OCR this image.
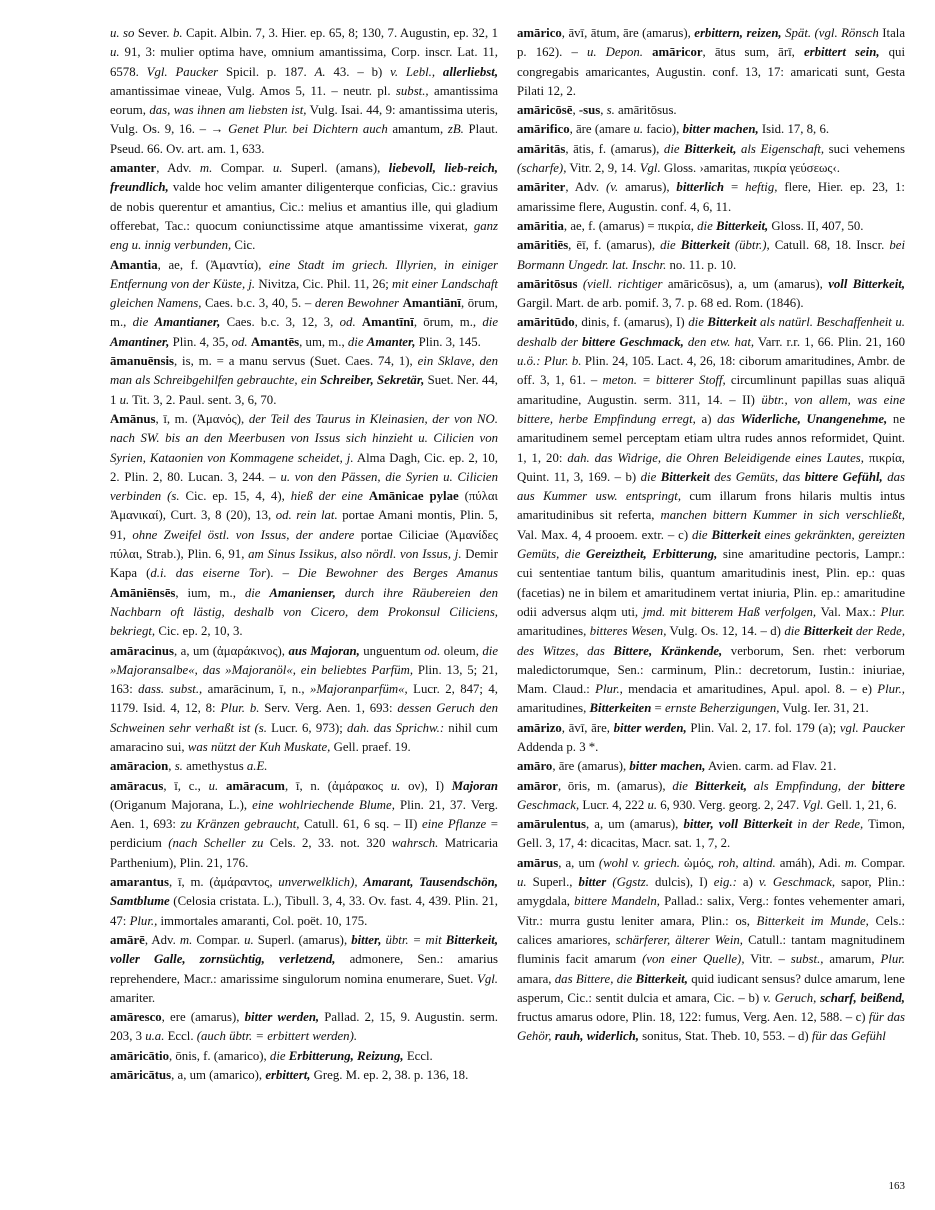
u. so Sever. b. Capit. Albin. 7, 3. Hier. ep. 65, 8; 130, 7. Augustin, ep. 32, 1 u. 91, 3: mulier optima have, omnium amantissima, Corp. inscr. Lat. 11, 6578. Vgl. Paucker Spicil. p. 187. A. 43. – b) v. Lebl., allerliebst, amantissimae vineae, Vulg. Amos 5, 11. – neutr. pl. subst., amantissima eorum, das, was ihnen am liebsten ist, Vulg. Isai. 44, 9: amantissima uteris, Vulg. Os. 9, 16. – → Genet Plur. bei Dichtern auch amantum, zB. Plaut. Pseud. 66. Ov. art. am. 1, 633.

amanter, Adv. m. Compar. u. Superl. (amans), liebevoll, lieb-reich, freundlich, valde hoc velim amanter diligenterque conficias, Cic.: gravius de nobis querentur et amantius, Cic.: melius et amantius ille, qui gladium offerebat, Tac.: quocum coniunctissime atque amantissime vixerat, ganz eng u. innig verbunden, Cic.

Amantia, ae, f. (Ἀμαντία), eine Stadt im griech. Illyrien, in einiger Entfernung von der Küste, j. Nivitza, Cic. Phil. 11, 26; mit einer Landschaft gleichen Namens, Caes. b.c. 3, 40, 5. – deren Bewohner Amantiānī, ōrum, m., die Amantianer, Caes. b.c. 3, 12, 3, od. Amantīnī, ōrum, m., die Amantiner, Plin. 4, 35, od. Amantēs, um, m., die Amanter, Plin. 3, 145.

āmanuēnsis, is, m. = a manu servus (Suet. Caes. 74, 1), ein Sklave, den man als Schreibgehilfen gebrauchte, ein Schreiber, Sekretär, Suet. Ner. 44, 1 u. Tit. 3, 2. Paul. sent. 3, 6, 70.

Amānus, ī, m. (Ἀμανός), der Teil des Taurus in Kleinasien, der von NO. nach SW. bis an den Meerbusen von Issus sich hinzieht u. Cilicien von Syrien, Kataonien von Kommagene scheidet, j. Alma Dagh, Cic. ep. 2, 10, 2. Plin. 2, 80. Lucan. 3, 244. – u. von den Pässen, die Syrien u. Cilicien verbinden (s. Cic. ep. 15, 4, 4), hieß der eine Amānicae pylae (πύλαι Ἀμανικαί), Curt. 3, 8 (20), 13, od. rein lat. portae Amani montis, Plin. 5, 91, ohne Zweifel östl. von Issus, der andere portae Ciliciae (Ἀμανίδες πύλαι, Strab.), Plin. 6, 91, am Sinus Issikus, also nördl. von Issus, j. Demir Kapa (d.i. das eiserne Tor). – Die Bewohner des Berges Amanus Amāniēnsēs, ium, m., die Amanienser, durch ihre Räubereien den Nachbarn oft lästig, deshalb von Cicero, dem Prokonsul Ciliciens, bekriegt, Cic. ep. 2, 10, 3.

amāracinus, a, um (ἀμαράκινος), aus Majoran, unguentum od. oleum, die »Majoransalbe«, das »Majoranöl«, ein beliebtes Parfüm, Plin. 13, 5; 21, 163: dass. subst., amarācinum, ī, n., »Majoranparfüm«, Lucr. 2, 847; 4, 1179. Isid. 4, 12, 8: Plur. b. Serv. Verg. Aen. 1, 693: dessen Geruch den Schweinen sehr verhaßt ist (s. Lucr. 6, 973); dah. das Sprichw.: nihil cum amaracino sui, was nützt der Kuh Muskate, Gell. praef. 19.

amāracion, s. amethystus a.E.

amāracus, ī, c., u. amāracum, ī, n. (ἀμάρακος u. ον), I) Majoran (Origanum Majorana, L.), eine wohlriechende Blume, Plin. 21, 37. Verg. Aen. 1, 693: zu Kränzen gebraucht, Catull. 61, 6 sq. – II) eine Pflanze = perdicium (nach Scheller zu Cels. 2, 33. not. 320 wahrsch. Matricaria Parthenium), Plin. 21, 176.

amarantus, ī, m. (ἀμάραντος, unverwelklich), Amarant, Tausendschön, Samtblume (Celosia cristata. L.), Tibull. 3, 4, 33. Ov. fast. 4, 439. Plin. 21, 47: Plur., immortales amaranti, Col. poët. 10, 175.

amārē, Adv. m. Compar. u. Superl. (amarus), bitter, übtr. = mit Bitterkeit, voller Galle, zornsüchtig, verletzend, admonere, Sen.: amarius reprehendere, Macr.: amarissime singulorum nomina enumerare, Suet. Vgl. amariter.

amāresco, ere (amarus), bitter werden, Pallad. 2, 15, 9. Augustin. serm. 203, 3 u.a. Eccl. (auch übtr. = erbittert werden).

amāricātio, ōnis, f. (amarico), die Erbitterung, Reizung, Eccl.

amāricātus, a, um (amarico), erbittert, Greg. M. ep. 2, 38. p. 136, 18.

amārico, āvī, ātum, āre (amarus), erbittern, reizen, Spät. (vgl. Rönsch Itala p. 162). – u. Depon. amāricor, ātus sum, ārī, erbittert sein, qui congregabis amaricantes, Augustin. conf. 13, 17: amaricati sunt, Gesta Pilati 12, 2.

amāricōsē, -sus, s. amāritōsus.

amārifico, āre (amare u. facio), bitter machen, Isid. 17, 8, 6.

amāritās, ātis, f. (amarus), die Bitterkeit, als Eigenschaft, suci vehemens (scharfe), Vitr. 2, 9, 14. Vgl. Gloss. ›amaritas, πικρία γεύσεως‹.

amāriter, Adv. (v. amarus), bitterlich = heftig, flere, Hier. ep. 23, 1: amarissime flere, Augustin. conf. 4, 6, 11.

amāritia, ae, f. (amarus) = πικρία, die Bitterkeit, Gloss. II, 407, 50.

amāritiēs, ēī, f. (amarus), die Bitterkeit (übtr.), Catull. 68, 18. Inscr. bei Bormann Ungedr. lat. Inschr. no. 11. p. 10.

amāritōsus (viell. richtiger amāricōsus), a, um (amarus), voll Bitterkeit, Gargil. Mart. de arb. pomif. 3, 7. p. 68 ed. Rom. (1846).

amāritūdo, dinis, f. (amarus), I) die Bitterkeit als natürl. Beschaffenheit u. deshalb der bittere Geschmack, den etw. hat, Varr. r.r. 1, 66. Plin. 21, 160 u.ö.: Plur. b. Plin. 24, 105. Lact. 4, 26, 18: ciborum amaritudines, Ambr. de off. 3, 1, 61. – meton. = bitterer Stoff, circumlinunt papillas suas aliquā amaritudine, Augustin. serm. 311, 14. – II) übtr., von allem, was eine bittere, herbe Empfindung erregt, a) das Widerliche, Unangenehme, ne amaritudinem semel perceptam etiam ultra rudes annos reformidet, Quint. 1, 1, 20: dah. das Widrige, die Ohren Beleidigende eines Lautes, πικρία, Quint. 11, 3, 169. – b) die Bitterkeit des Gemüts, das bittere Gefühl, das aus Kummer usw. entspringt, cum illarum frons hilaris multis intus amaritudinibus sit referta, manchen bittern Kummer in sich verschließt, Val. Max. 4, 4 prooem. extr. – c) die Bitterkeit eines gekränkten, gereizten Gemüts, die Gereiztheit, Erbitterung, sine amaritudine pectoris, Lampr.: cui sententiae tantum bilis, quantum amaritudinis inest, Plin. ep.: quas (facetias) ne in bilem et amaritudinem vertat iniuria, Plin. ep.: amaritudine odii adversus alqm uti, jmd. mit bitterem Haß verfolgen, Val. Max.: Plur. amaritudines, bitteres Wesen, Vulg. Os. 12, 14. – d) die Bitterkeit der Rede, des Witzes, das Bittere, Kränkende, verborum, Sen. rhet: verborum maledictorumque, Sen.: carminum, Plin.: decretorum, Iustin.: iniuriae, Mam. Claud.: Plur., mendacia et amaritudines, Apul. apol. 8. – e) Plur., amaritudines, Bitterkeiten = ernste Beherzigungen, Vulg. Ier. 31, 21.

amārizo, āvī, āre, bitter werden, Plin. Val. 2, 17. fol. 179 (a); vgl. Paucker Addenda p. 3 *.

amāro, āre (amarus), bitter machen, Avien. carm. ad Flav. 21.

amāror, ōris, m. (amarus), die Bitterkeit, als Empfindung, der bittere Geschmack, Lucr. 4, 222 u. 6, 930. Verg. georg. 2, 247. Vgl. Gell. 1, 21, 6.

amārulentus, a, um (amarus), bitter, voll Bitterkeit in der Rede, Timon, Gell. 3, 17, 4: dicacitas, Macr. sat. 1, 7, 2.

amārus, a, um (wohl v. griech. ὠμός, roh, altind. amáh), Adi. m. Compar. u. Superl., bitter (Ggstz. dulcis), I) eig.: a) v. Geschmack, sapor, Plin.: amygdala, bittere Mandeln, Pallad.: salix, Verg.: fontes vehementer amari, Vitr.: murra gustu leniter amara, Plin.: os, Bitterkeit im Munde, Cels.: calices amariores, schärferer, älterer Wein, Catull.: tantam magnitudinem fluminis facit amarum (von einer Quelle), Vitr. – subst., amarum, Plur. amara, das Bittere, die Bitterkeit, quid iudicant sensus? dulce amarum, lene asperum, Cic.: sentit dulcia et amara, Cic. – b) v. Geruch, scharf, beißend, fructus amarus odore, Plin. 18, 122: fumus, Verg. Aen. 12, 588. – c) für das Gehör, rauh, widerlich, sonitus, Stat. Theb. 10, 553. – d) für das Gefühl

163
